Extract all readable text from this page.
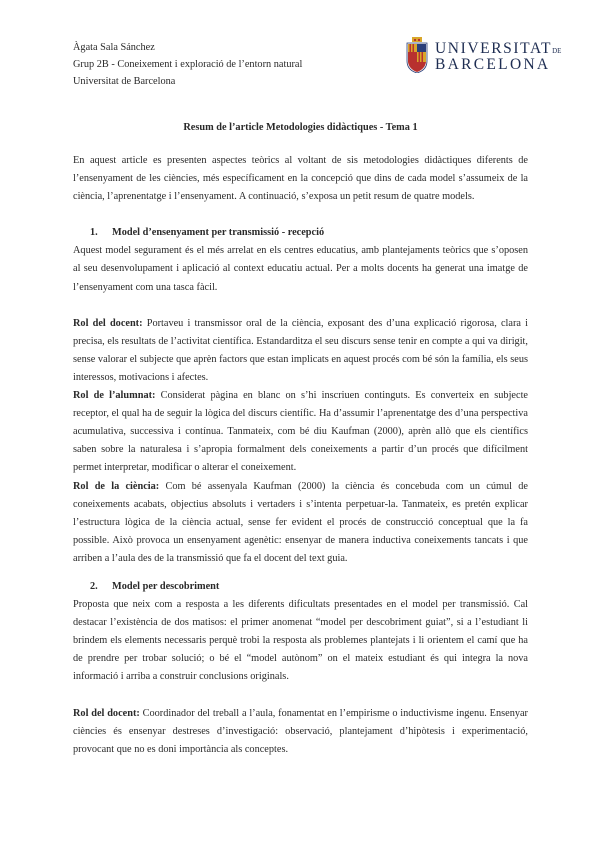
Àgata Sala Sánchez
Grup 2B - Coneixement i exploració de l’entorn natural
Universitat de Barcelona
UNIVERSITATDE
BARCELONA
Resum de l’article Metodologies didàctiques - Tema 1

En aquest article es presenten aspectes teòrics al voltant de sis metodologies didàctiques diferents de l’ensenyament de les ciències, més específicament en la concepció que dins de cada model s’assumeix de la ciència, l’aprenentatge i l’ensenyament. A continuació, s’exposa un petit resum de quatre models.

1. Model d’ensenyament per transmissió - recepció

Aquest model segurament és el més arrelat en els centres educatius, amb plantejaments teòrics que s’oposen al seu desenvolupament i aplicació al context educatiu actual. Per a molts docents ha generat una imatge de l’ensenyament com una tasca fàcil.

Rol del docent: Portaveu i transmissor oral de la ciència, exposant des d’una explicació rigorosa, clara i precisa, els resultats de l’activitat científica. Estandarditza el seu discurs sense tenir en compte a qui va dirigit, sense valorar el subjecte que aprèn factors que estan implicats en aquest procés com bé són la família, els seus interessos, motivacions i afectes.

Rol de l’alumnat: Considerat pàgina en blanc on s’hi inscriuen continguts. Es converteix en subjecte receptor, el qual ha de seguir la lògica del discurs científic. Ha d’assumir l’aprenentatge des d’una perspectiva acumulativa, successiva i contínua. Tanmateix, com bé diu Kaufman (2000), aprèn allò que els científics saben sobre la naturalesa i s’apropia formalment dels coneixements a partir d’un procés que difícilment permet interpretar, modificar o alterar el coneixement.

Rol de la ciència: Com bé assenyala Kaufman (2000) la ciència és concebuda com un cúmul de coneixements acabats, objectius absoluts i vertaders i s’intenta perpetuar-la. Tanmateix, es pretén explicar l’estructura lògica de la ciència actual, sense fer evident el procés de construcció conceptual que la fa possible. Això provoca un ensenyament agenètic: ensenyar de manera inductiva coneixements tancats i que arriben a l’aula des de la transmissió que fa el docent del text guia.

2. Model per descobriment

Proposta que neix com a resposta a les diferents dificultats presentades en el model per transmissió. Cal destacar l’existència de dos matisos: el primer anomenat “model per descobriment guiat”, si a l’estudiant li brindem els elements necessaris perquè trobi la resposta als problemes plantejats i li orientem el camí que ha de prendre per trobar solució; o bé el “model autònom” on el mateix estudiant és qui integra la nova informació i arriba a construir conclusions originals.

Rol del docent: Coordinador del treball a l’aula, fonamentat en l’empirisme o inductivisme ingenu. Ensenyar ciències és ensenyar destreses d’investigació: observació, plantejament d’hipòtesis i experimentació, provocant que no es doni importància als conceptes.
